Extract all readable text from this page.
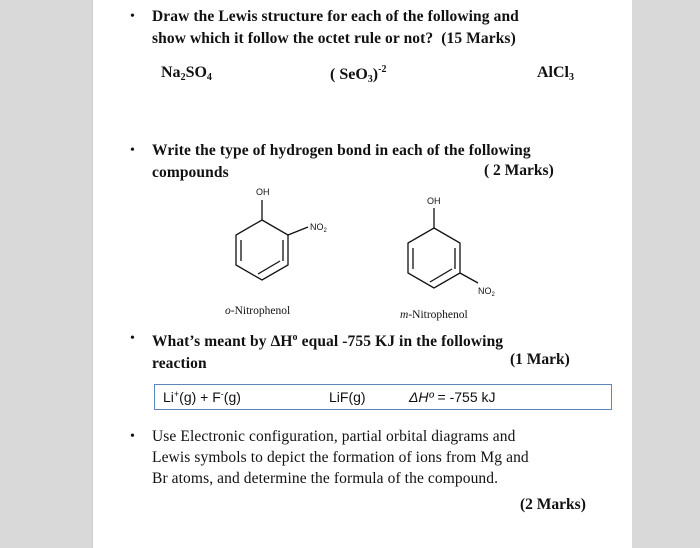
• Draw the Lewis structure for each of the following and
show which it follow the octet rule or not? (15 Marks)
$Na_2SO_4$	( SeO$_3$)$^{-2}$	AlCl$_3$
• Write the type of hydrogen bond in each of the following
compounds	( 2 Marks)
OH
$NO_2$
o-Nitrophenol
OH
$NO_2$
m-Nitrophenol
• What’s meant by $\Delta H^o$ equal -755 KJ in the following
reaction	(1 Mark)
Li+(g) + F-(g)	LiF(g)	ΔHº = -755 kJ
• Use Electronic configuration, partial orbital diagrams and
Lewis symbols to depict the formation of ions from Mg and
Br atoms, and determine the formula of the compound.
(2 Marks)
